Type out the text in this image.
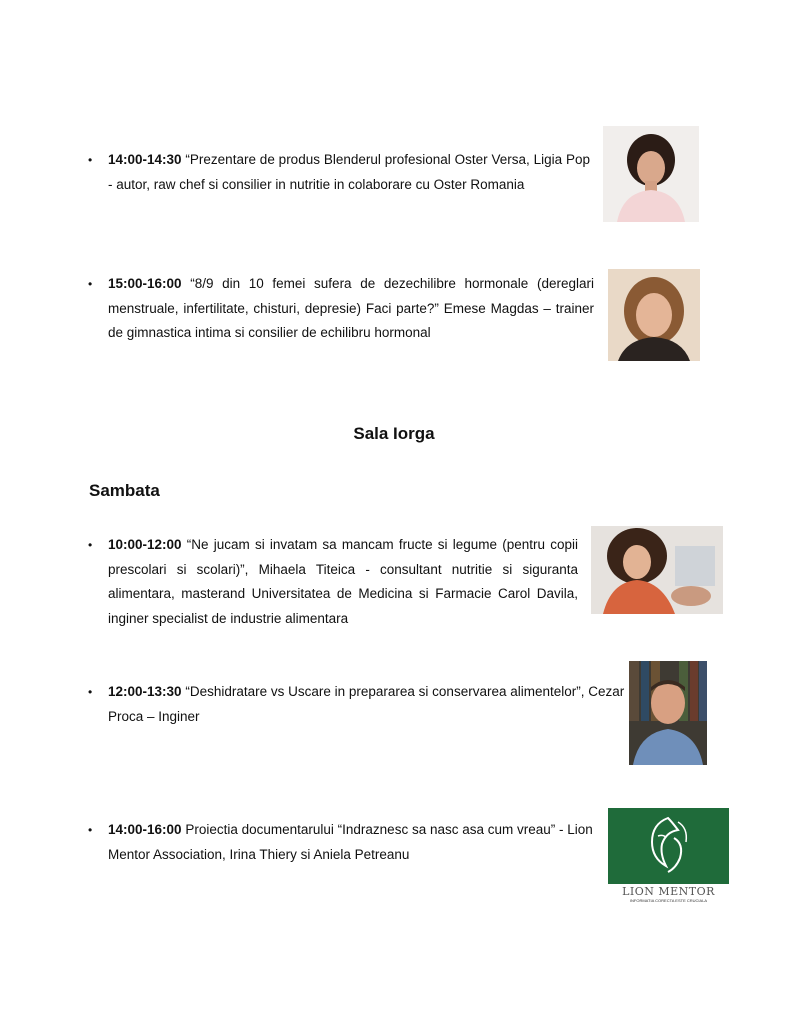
• 14:00-14:30 “Prezentare de produs Blenderul profesional Oster Versa, Ligia Pop - autor, raw chef si consilier in nutritie in colaborare cu Oster Romania
• 15:00-16:00 “8/9 din 10 femei sufera de dezechilibre hormonale (dereglari menstruale, infertilitate, chisturi, depresie) Faci parte?” Emese Magdas – trainer de gimnastica intima si consilier de echilibru hormonal
Sala Iorga
Sambata
• 10:00-12:00 “Ne jucam si invatam sa mancam fructe si legume (pentru copii prescolari si scolari)”, Mihaela Titeica - consultant nutritie si siguranta alimentara, masterand Universitatea de Medicina si Farmacie Carol Davila, inginer specialist de industrie alimentara
• 12:00-13:30 “Deshidratare vs Uscare in prepararea si conservarea alimentelor”, Cezar Proca – Inginer
• 14:00-16:00 Proiectia documentarului “Indraznesc sa nasc asa cum vreau” - Lion Mentor Association, Irina Thiery si Aniela Petreanu
LION MENTOR
INFORMATIA CORECTA ESTE CRUCIALA
